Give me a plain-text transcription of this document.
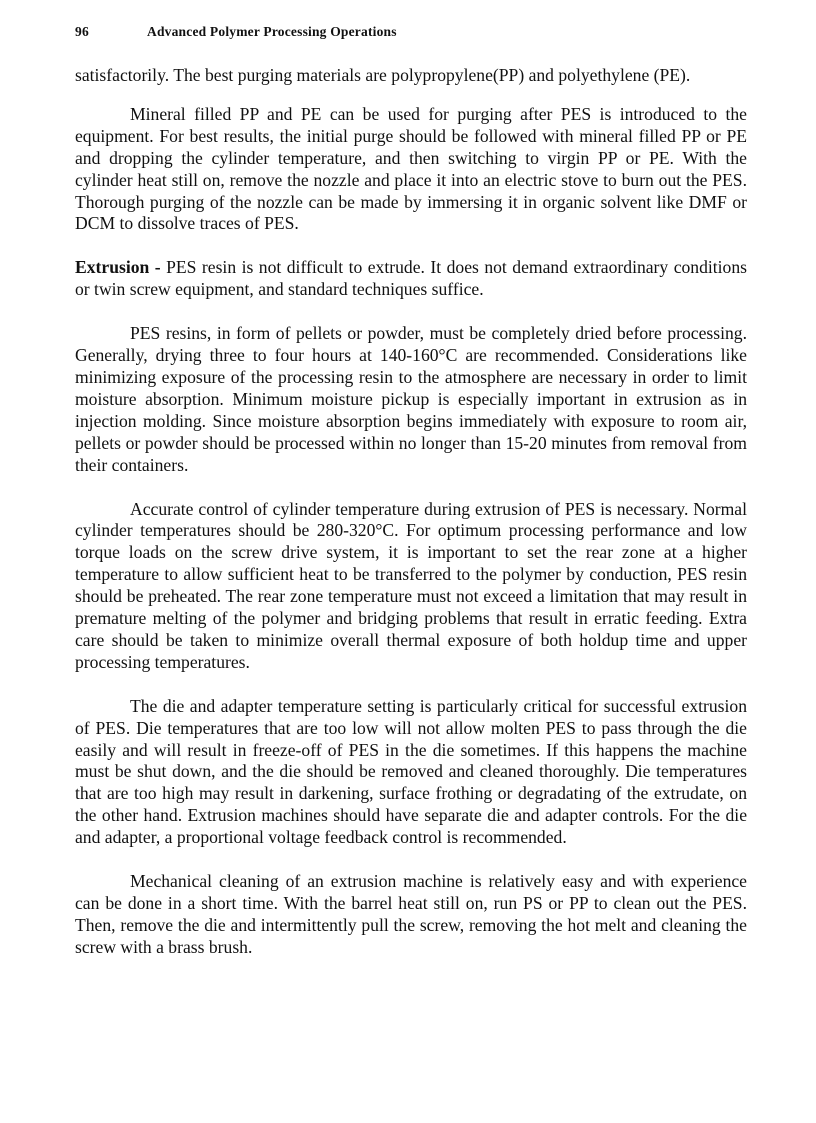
96	Advanced Polymer Processing Operations

satisfactorily. The best purging materials are polypropylene(PP) and polyethylene (PE).

Mineral filled PP and PE can be used for purging after PES is introduced to the equipment. For best results, the initial purge should be followed with mineral filled PP or PE and dropping the cylinder temperature, and then switching to virgin PP or PE. With the cylinder heat still on, remove the nozzle and place it into an electric stove to burn out the PES. Thorough purging of the nozzle can be made by immersing it in organic solvent like DMF or DCM to dissolve traces of PES.

Extrusion - PES resin is not difficult to extrude. It does not demand extraordinary conditions or twin screw equipment, and standard techniques suffice.

PES resins, in form of pellets or powder, must be completely dried before processing. Generally, drying three to four hours at 140-160°C are recommended. Considerations like minimizing exposure of the processing resin to the atmosphere are necessary in order to limit moisture absorption. Minimum moisture pickup is especially important in extrusion as in injection molding. Since moisture absorption begins immediately with exposure to room air, pellets or powder should be processed within no longer than 15-20 minutes from removal from their containers.

Accurate control of cylinder temperature during extrusion of PES is necessary. Normal cylinder temperatures should be 280-320°C. For optimum processing performance and low torque loads on the screw drive system, it is important to set the rear zone at a higher temperature to allow sufficient heat to be transferred to the polymer by conduction, PES resin should be preheated. The rear zone temperature must not exceed a limitation that may result in premature melting of the polymer and bridging problems that result in erratic feeding. Extra care should be taken to minimize overall thermal exposure of both holdup time and upper processing temperatures.

The die and adapter temperature setting is particularly critical for successful extrusion of PES. Die temperatures that are too low will not allow molten PES to pass through the die easily and will result in freeze-off of PES in the die sometimes. If this happens the machine must be shut down, and the die should be removed and cleaned thoroughly. Die temperatures that are too high may result in darkening, surface frothing or degradating of the extrudate, on the other hand. Extrusion machines should have separate die and adapter controls. For the die and adapter, a proportional voltage feedback control is recommended.

Mechanical cleaning of an extrusion machine is relatively easy and with experience can be done in a short time. With the barrel heat still on, run PS or PP to clean out the PES. Then, remove the die and intermittently pull the screw, removing the hot melt and cleaning the screw with a brass brush.
